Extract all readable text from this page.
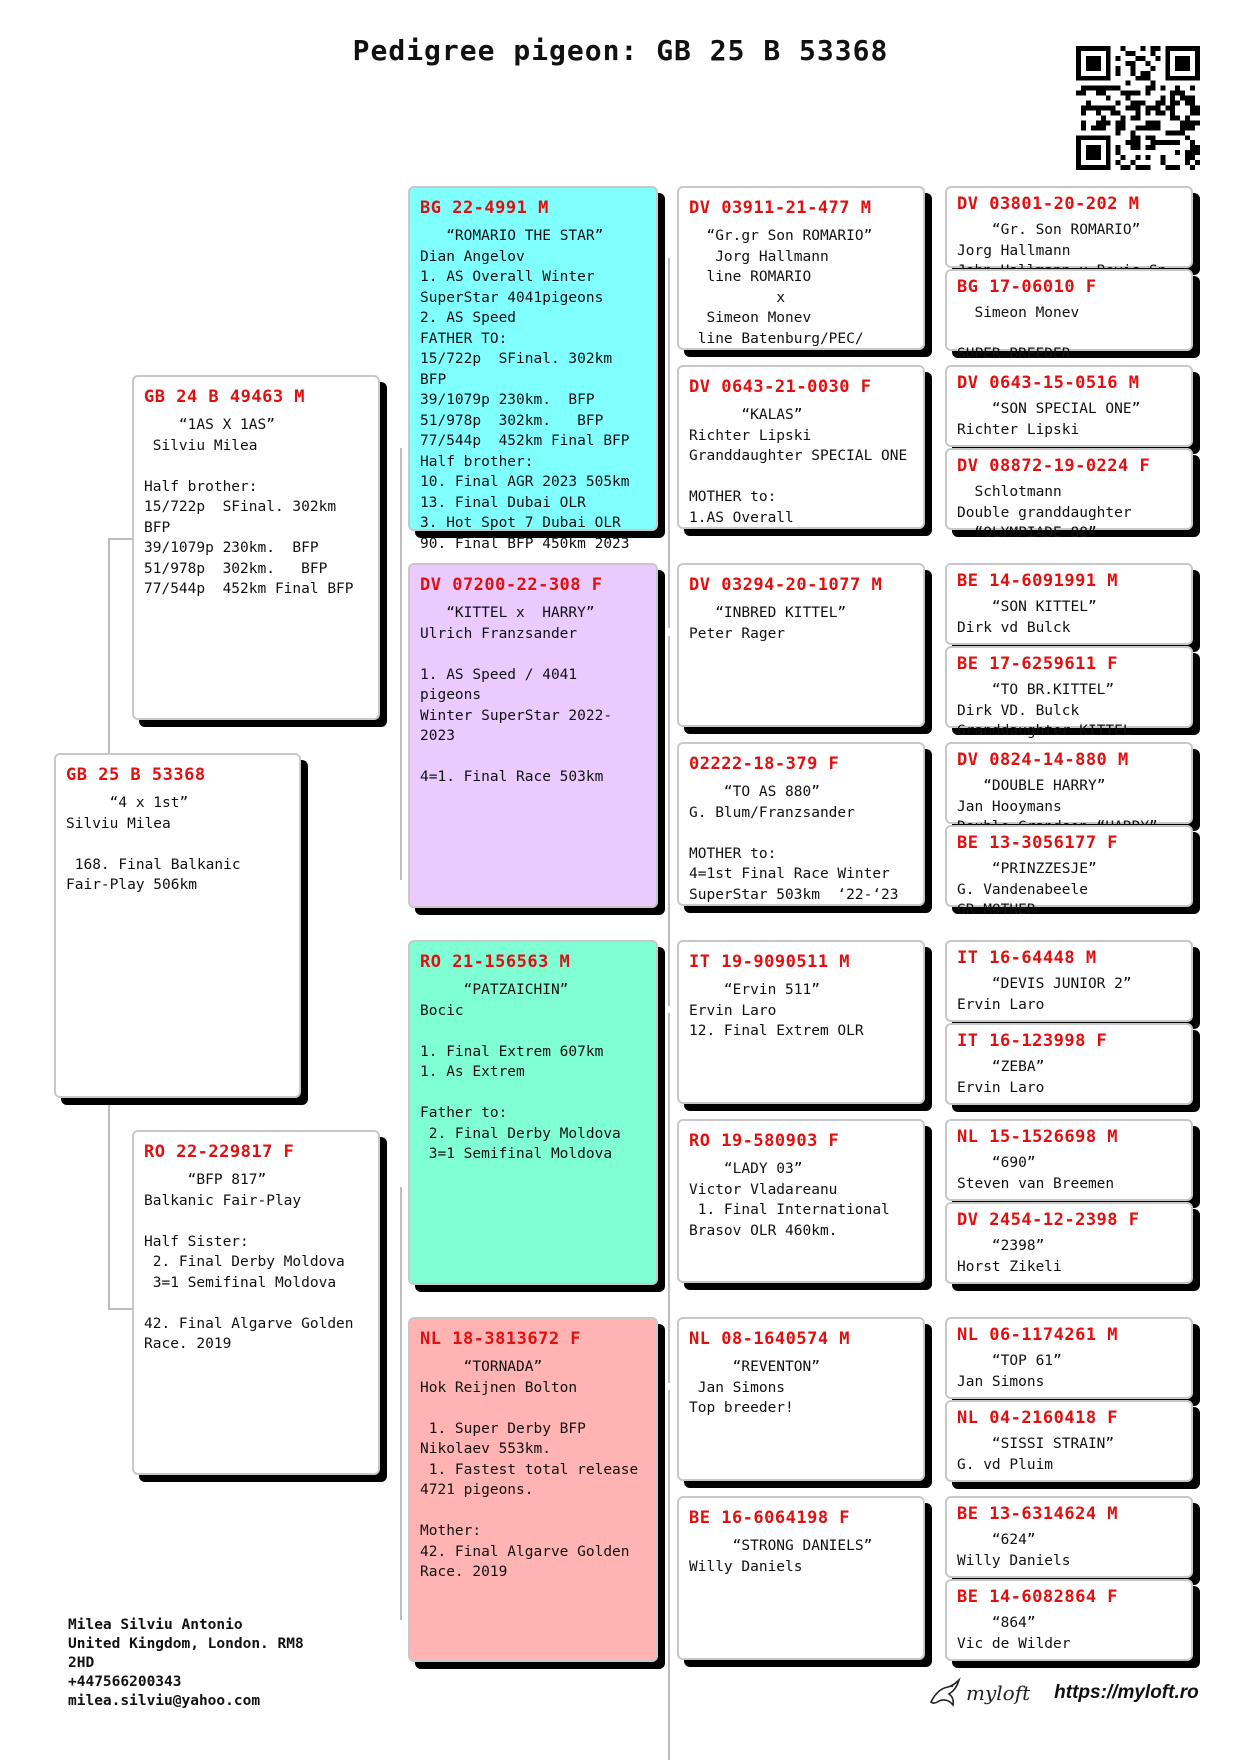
Pedigree pigeon: GB 25 B 53368
GB 25 B 53368
“4 x 1st”
Silviu Milea

168. Final Balkanic
Fair-Play 506km
GB 24 B 49463 M
“1AS X 1AS”
Silviu Milea

Half brother:
15/722p  SFinal. 302km BFP
39/1079p 230km.  BFP
51/978p  302km.   BFP
77/544p  452km Final BFP
RO 22-229817 F
“BFP 817”
Balkanic Fair-Play

Half Sister:
2. Final Derby Moldova
3=1 Semifinal Moldova

42. Final Algarve Golden
Race. 2019
BG 22-4991 M
“ROMARIO THE STAR”
Dian Angelov
1. AS Overall Winter
SuperStar 4041pigeons
2. AS Speed
FATHER TO:
15/722p  SFinal. 302km BFP
39/1079p 230km.  BFP
51/978p  302km.   BFP
77/544p  452km Final BFP
Half brother:
10. Final AGR 2023 505km
13. Final Dubai OLR
3. Hot Spot 7 Dubai OLR
90. Final BFP 450km 2023
DV 07200-22-308 F
“KITTEL x  HARRY”
Ulrich Franzsander

1. AS Speed / 4041 pigeons
Winter SuperStar 2022-2023

4=1. Final Race 503km
RO 21-156563 M
“PATZAICHIN”
Bocic

1. Final Extrem 607km
1. As Extrem

Father to:
2. Final Derby Moldova
3=1 Semifinal Moldova
NL 18-3813672 F
“TORNADA”
Hok Reijnen Bolton

1. Super Derby BFP
Nikolaev 553km.
1. Fastest total release
4721 pigeons.

Mother:
42. Final Algarve Golden
Race. 2019
DV 03911-21-477 M
“Gr.gr Son ROMARIO”
Jorg Hallmann
line ROMARIO
x
Simeon Monev
line Batenburg/PEC/
DV 0643-21-0030 F
“KALAS”
Richter Lipski
Granddaughter SPECIAL ONE

MOTHER to:
1.AS Overall
DV 03294-20-1077 M
“INBRED KITTEL”
Peter Rager
02222-18-379 F
“TO AS 880”
G. Blum/Franzsander

MOTHER to:
4=1st Final Race Winter
SuperStar 503km  ‘22-‘23
IT 19-9090511 M
“Ervin 511”
Ervin Laro
12. Final Extrem OLR
RO 19-580903 F
“LADY 03”
Victor Vladareanu
1. Final International
Brasov OLR 460km.
NL 08-1640574 M
“REVENTON”
Jan Simons
Top breeder!
BE 16-6064198 F
“STRONG DANIELS”
Willy Daniels
DV 03801-20-202 M
“Gr. Son ROMARIO”
Jorg Hallmann

BG 17-06010 F
Simeon Monev

SUPER BREEDER
DV 0643-15-0516 M
“SON SPECIAL ONE”
Richter Lipski
DV 08872-19-0224 F
Schlotmann
Double granddaughter
“OLYMPIADE 88”
BE 14-6091991 M
“SON KITTEL”
Dirk vd Bulck
BE 17-6259611 F
“TO BR.KITTEL”
Dirk VD. Bulck
Granddaughter KITTEL
DV 0824-14-880 M
“DOUBLE HARRY”
Jan Hooymans

BE 13-3056177 F
“PRINZZESJE”
G. Vandenabeele
GR MOTHER
IT 16-64448 M
“DEVIS JUNIOR 2”
Ervin Laro
IT 16-123998 F
“ZEBA”
Ervin Laro
NL 15-1526698 M
“690”
Steven van Breemen
DV 2454-12-2398 F
“2398”
Horst Zikeli
NL 06-1174261 M
“TOP 61”
Jan Simons
NL 04-2160418 F
“SISSI STRAIN”
G. vd Pluim
BE 13-6314624 M
“624”
Willy Daniels
BE 14-6082864 F
“864”
Vic de Wilder
Milea Silviu Antonio
United Kingdom, London. RM8
2HD
+447566200343
milea.silviu@yahoo.com	myloft https://myloft.ro
